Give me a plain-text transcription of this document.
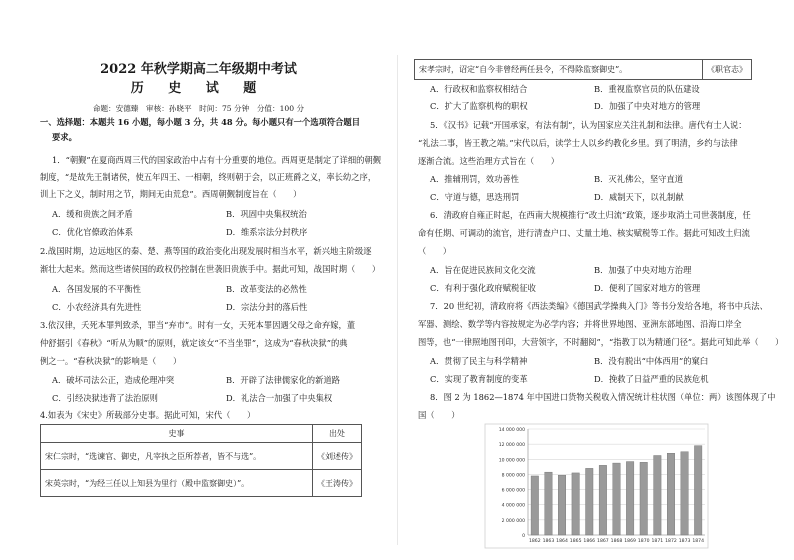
2022 年秋学期高二年级期中考试
历 史 试 题
命题：安德臻　审核：孙晓平　时间：75 分钟　分值：100 分
一、选择题：本题共 16 小题，每小题 3 分，共 48 分。每小题只有一个选项符合题目
要求。
1．“朝觐”在夏商西周三代的国家政治中占有十分重要的地位。西周更是制定了详细的朝觐
制度，“是故先王制诸侯，使五年四王、一相朝，终则朝于会，以正班爵之义，率长幼之序，
训上下之义，制时用之节，期间无由荒怠”。西周朝觐制度旨在（　　）
A．缓和贵族之间矛盾	B．巩固中央集权统治
C．优化官僚政治体系	D．维系宗法分封秩序
2.战国时期，边远地区的秦、楚、燕等国的政治变化出现发展时相当水平，新兴地主阶级逐
渐壮大起来。然而这些诸侯国的政权仍控制在世袭旧贵族手中。据此可知，战国时期（　　）
A．各国发展的不平衡性	B．改革变法的必然性
C．小农经济具有先进性	D．宗法分封的落后性
3.依汉律，夭死本罪判致杀，罪当“弃市”。时有一女，天死本罪因遇父母之命弃嫁，董
仲舒据引《春秋》“听从为顺”的原则，就定该女“不当坐罪”，这成为“春秋决狱”的典
例之一。“春秋决狱”的影响是（　　）
A．破坏司法公正，造成伦理冲突	B．开辟了法律儒家化的新道路
C．引经决狱违背了法治原则	D．礼法合一加强了中央集权
4.如表为《宋史》所载部分史事。据此可知，宋代（　　）
史事	出处
宋仁宗时，“选谏官、御史，凡宰执之臣所荐者，皆不与选”。	《刘述传》
宋英宗时，“为经三任以上知县为里行（殿中监察御史）”。	《王涛传》
宋孝宗时，诏定“自今非曾经两任县令，不得除监察御史”。	《职官志》
A．行政权和监察权相结合	B．重视监察官员的队伍建设
C．扩大了监察机构的职权	D．加强了中央对地方的管理
5．《汉书》记载“开国承家，有法有制”，认为国家应关注礼制和法律。唐代有士人说：
“礼法二事，皆王教之端。”宋代以后，读学士人以乡约教化乡里。到了明清，乡约与法律
逐渐合流。这些治理方式旨在（　　）
A．推辅刑罚，效功善性	B．灭礼佛公，坚守直道
C．守道与德，思迭刑罚	D．威制天下，以礼制献
6．清政府自雍正时起，在西南大规模推行“改土归流”政策，逐步取消土司世袭制度，任
命有任期、可调动的流官，进行清查户口、丈量土地、核实赋税等工作。据此可知改土归流
（　　）
A．旨在促进民族间文化交流	B．加强了中央对地方治理
C．有利于强化政府赋税征收	D．便利了国家对地方的管理
7．20 世纪初，清政府将《西法类编》《德国武学操典入门》等书分发给各地，将书中兵法、
军器、测绘、数学等内容按规定为必学内容；并将世界地图、亚洲东部地图、沿海口岸全
图等，也“一律照地图刊印，大营领字，不时翻阅”，“指教丁以为精通门径”。据此可知此举（　　）
A．贯彻了民主与科学精神	B．没有脱出“中体西用”的窠臼
C．实现了教育制度的变革	D．挽救了日益严重的民族危机
8．图 2 为 1862—1874 年中国进口货物关税收入情况统计柱状图（单位：两）该图体现了中
国（　　）
14 000 000
12 000 000
10 000 000
8 000 000
6 000 000
4 000 000
2 000 000
0
1862 1863 1864 1865 1866 1867 1868 1869 1870 1871 1872 1873 1874
